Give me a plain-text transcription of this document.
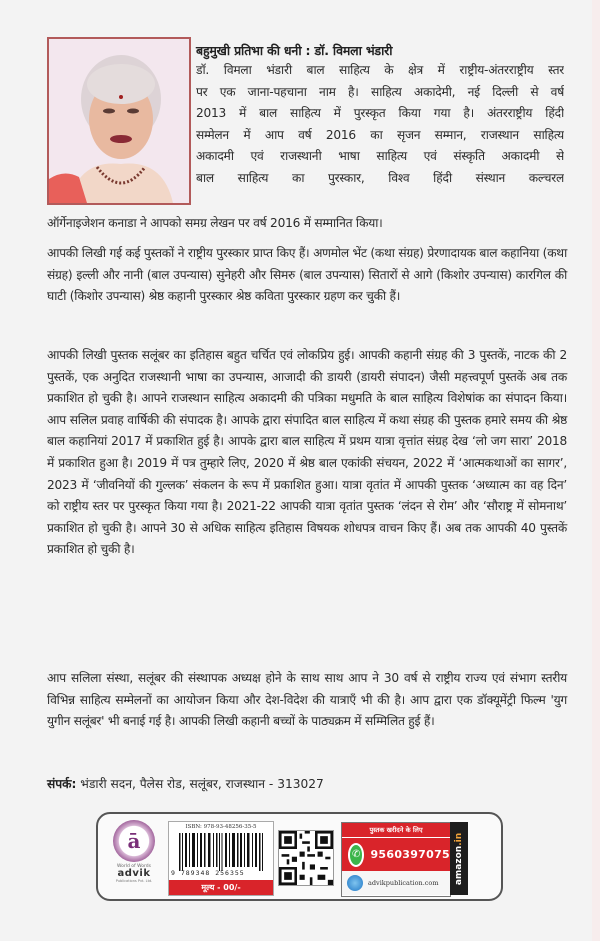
बहुमुखी प्रतिभा की धनी : डॉ. विमला भंडारी
डॉ. विमला भंडारी बाल साहित्य के क्षेत्र में राष्ट्रीय-अंतरराष्ट्रीय स्तर
पर एक जाना-पहचाना नाम है। साहित्य अकादेमी, नई दिल्ली से वर्ष
2013 में बाल साहित्य में पुरस्कृत किया गया है। अंतरराष्ट्रीय हिंदी
सम्मेलन में आप वर्ष 2016 का सृजन सम्मान, राजस्थान साहित्य
अकादमी एवं राजस्थानी भाषा साहित्य एवं संस्कृति अकादमी से
बाल साहित्य का पुरस्कार, विश्व हिंदी संस्थान कल्चरल
ऑर्गेनाइजेशन कनाडा ने आपको समग्र लेखन पर वर्ष 2016 में सम्मानित किया।
आपकी लिखी गई कई पुस्तकों ने राष्ट्रीय पुरस्कार प्राप्त किए हैं। अणमोल भेंट (कथा संग्रह) प्रेरणादायक बाल कहानिया (कथा संग्रह) इल्ली और नानी (बाल उपन्यास) सुनेहरी और सिमरु (बाल उपन्यास) सितारों से आगे (किशोर उपन्यास) कारगिल की घाटी (किशोर उपन्यास) श्रेष्ठ कहानी पुरस्कार श्रेष्ठ कविता पुरस्कार ग्रहण कर चुकी हैं।
आपकी लिखी पुस्तक सलूंबर का इतिहास बहुत चर्चित एवं लोकप्रिय हुई। आपकी कहानी संग्रह की 3 पुस्तकें, नाटक की 2 पुस्तकें, एक अनुदित राजस्थानी भाषा का उपन्यास, आजादी की डायरी (डायरी संपादन) जैसी महत्त्वपूर्ण पुस्तकें अब तक प्रकाशित हो चुकी है। आपने राजस्थान साहित्य अकादमी की पत्रिका मधुमति के बाल साहित्य विशेषांक का संपादन किया। आप सलिल प्रवाह वार्षिकी की संपादक है। आपके द्वारा संपादित बाल साहित्य में कथा संग्रह की पुस्तक हमारे समय की श्रेष्ठ बाल कहानियां 2017 में प्रकाशित हुई है। आपके द्वारा बाल साहित्य में प्रथम यात्रा वृत्तांत संग्रह देख ‘लो जग सारा’ 2018 में प्रकाशित हुआ है। 2019 में पत्र तुम्हारे लिए, 2020 में श्रेष्ठ बाल एकांकी संचयन, 2022 में ‘आत्मकथाओं का सागर’, 2023 में ‘जीवनियों की गुल्लक’ संकलन के रूप में प्रकाशित हुआ। यात्रा वृतांत में आपकी पुस्तक ‘अध्यात्म का वह दिन’ को राष्ट्रीय स्तर पर पुरस्कृत किया गया है। 2021-22 आपकी यात्रा वृतांत पुस्तक ‘लंदन से रोम’ और ‘सौराष्ट्र में सोमनाथ’ प्रकाशित हो चुकी है। आपने 30 से अधिक साहित्य इतिहास विषयक शोधपत्र वाचन किए हैं। अब तक आपकी 40 पुस्तकें प्रकाशित हो चुकी है।
आप सलिला संस्था, सलूंबर की संस्थापक अध्यक्ष होने के साथ साथ आप ने 30 वर्ष से राष्ट्रीय राज्य एवं संभाग स्तरीय विभिन्न साहित्य सम्मेलनों का आयोजन किया और देश-विदेश की यात्राएँ भी की है। आप द्वारा एक डॉक्यूमेंट्री फिल्म 'युग युगीन सलूंबर' भी बनाई गई है। आपकी लिखी कहानी बच्चों के पाठ्यक्रम में सम्मिलित हुई हैं।
संपर्क: भंडारी सदन, पैलेस रोड, सलूंबर, राजस्थान - 313027
ā
World of Words
advik
Publications Pvt. Ltd.
ISBN: 978-93-48256-35-5
9 789348 256355
मूल्य - 00/-
पुस्तक खरीदने के लिए
✆ 9560397075
advikpublication.com amazon.in
